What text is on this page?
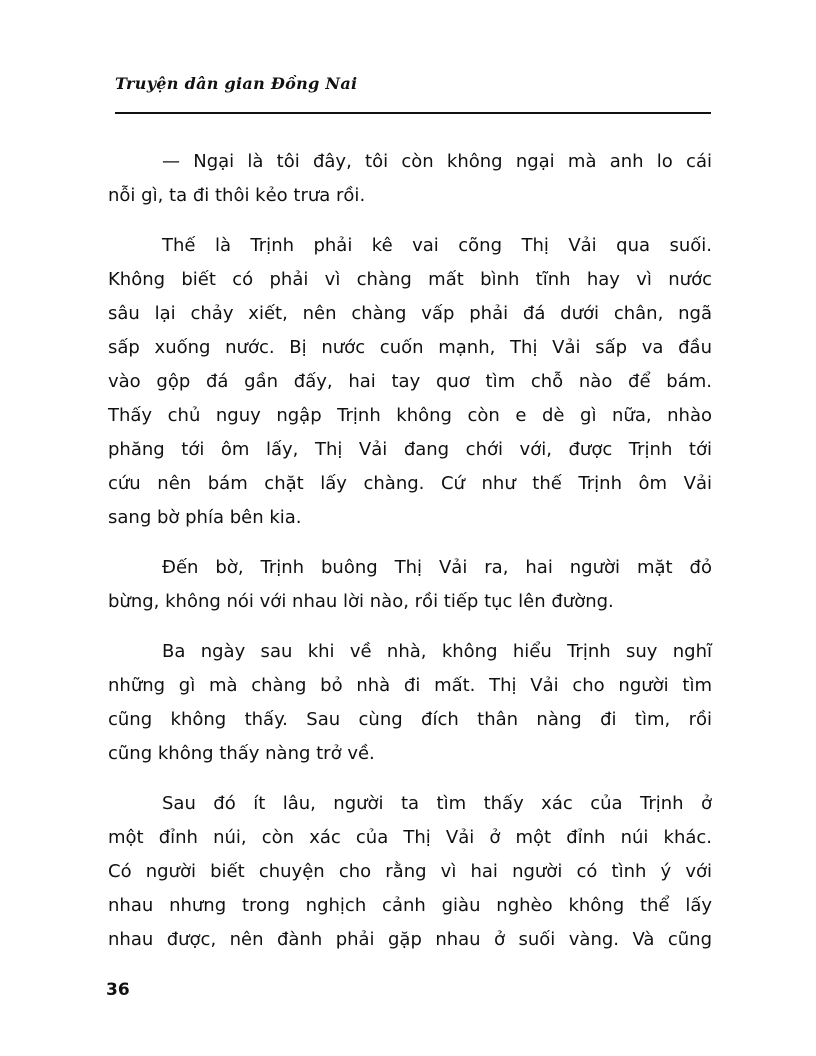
Truyện dân gian Đồng Nai
— Ngại là tôi đây, tôi còn không ngại mà anh lo cái
nỗi gì, ta đi thôi kẻo trưa rồi.
Thế là Trịnh phải kê vai cõng Thị Vải qua suối.
Không biết có phải vì chàng mất bình tĩnh hay vì nước
sâu lại chảy xiết, nên chàng vấp phải đá dưới chân, ngã
sấp xuống nước. Bị nước cuốn mạnh, Thị Vải sấp va đầu
vào gộp đá gần đấy, hai tay quơ tìm chỗ nào để bám.
Thấy chủ nguy ngập Trịnh không còn e dè gì nữa, nhào
phăng tới ôm lấy, Thị Vải đang chới với, được Trịnh tới
cứu nên bám chặt lấy chàng. Cứ như thế Trịnh ôm Vải
sang bờ phía bên kia.
Đến bờ, Trịnh buông Thị Vải ra, hai người mặt đỏ
bừng, không nói với nhau lời nào, rồi tiếp tục lên đường.
Ba ngày sau khi về nhà, không hiểu Trịnh suy nghĩ
những gì mà chàng bỏ nhà đi mất. Thị Vải cho người tìm
cũng không thấy. Sau cùng đích thân nàng đi tìm, rồi
cũng không thấy nàng trở về.
Sau đó ít lâu, người ta tìm thấy xác của Trịnh ở
một đỉnh núi, còn xác của Thị Vải ở một đỉnh núi khác.
Có người biết chuyện cho rằng vì hai người có tình ý với
nhau nhưng trong nghịch cảnh giàu nghèo không thể lấy
nhau được, nên đành phải gặp nhau ở suối vàng. Và cũng
36
